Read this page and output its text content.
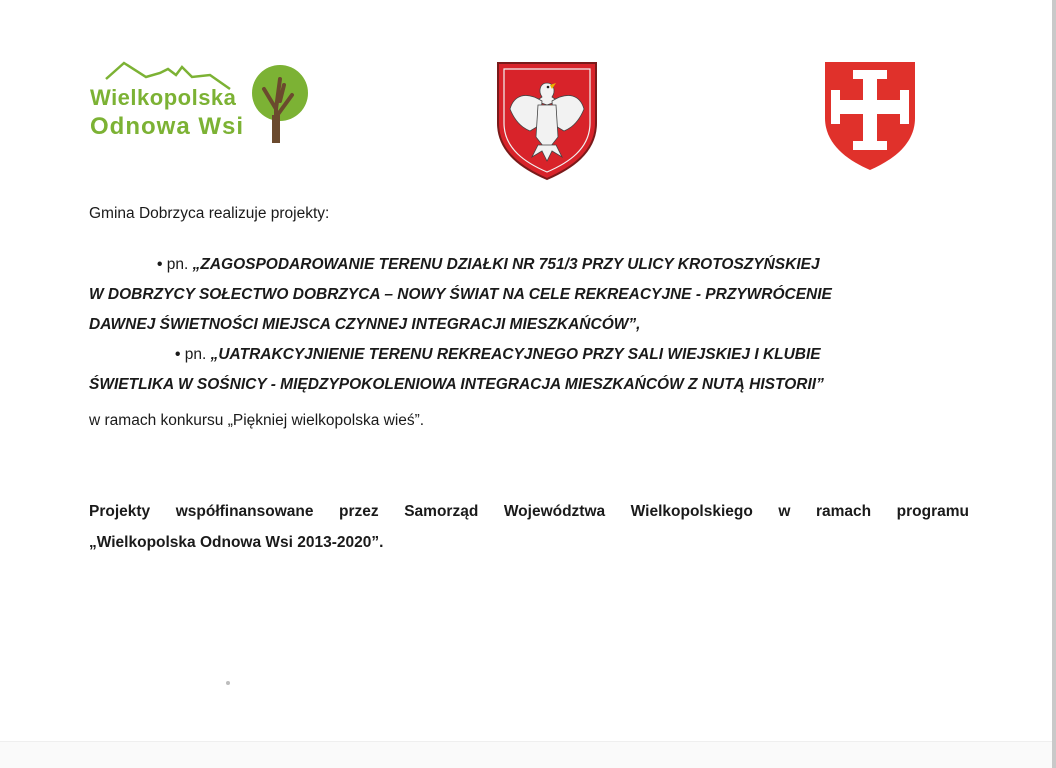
Wielkopolska
Odnowa Wsi

Gmina Dobrzyca realizuje projekty:

• pn. „ZAGOSPODAROWANIE TERENU DZIAŁKI NR 751/3 PRZY ULICY KROTOSZYŃSKIEJ
W DOBRZYCY SOŁECTWO DOBRZYCA – NOWY ŚWIAT NA CELE REKREACYJNE - PRZYWRÓCENIE
DAWNEJ ŚWIETNOŚCI MIEJSCA CZYNNEJ INTEGRACJI MIESZKAŃCÓW”,
• pn. „UATRAKCYJNIENIE TERENU REKREACYJNEGO PRZY SALI WIEJSKIEJ I KLUBIE
ŚWIETLIKA W SOŚNICY - MIĘDZYPOKOLENIOWA INTEGRACJA MIESZKAŃCÓW Z NUTĄ HISTORII”

w ramach konkursu „Piękniej wielkopolska wieś”.

Projekty współfinansowane przez Samorząd Województwa Wielkopolskiego w ramach programu
„Wielkopolska Odnowa Wsi 2013-2020”.
